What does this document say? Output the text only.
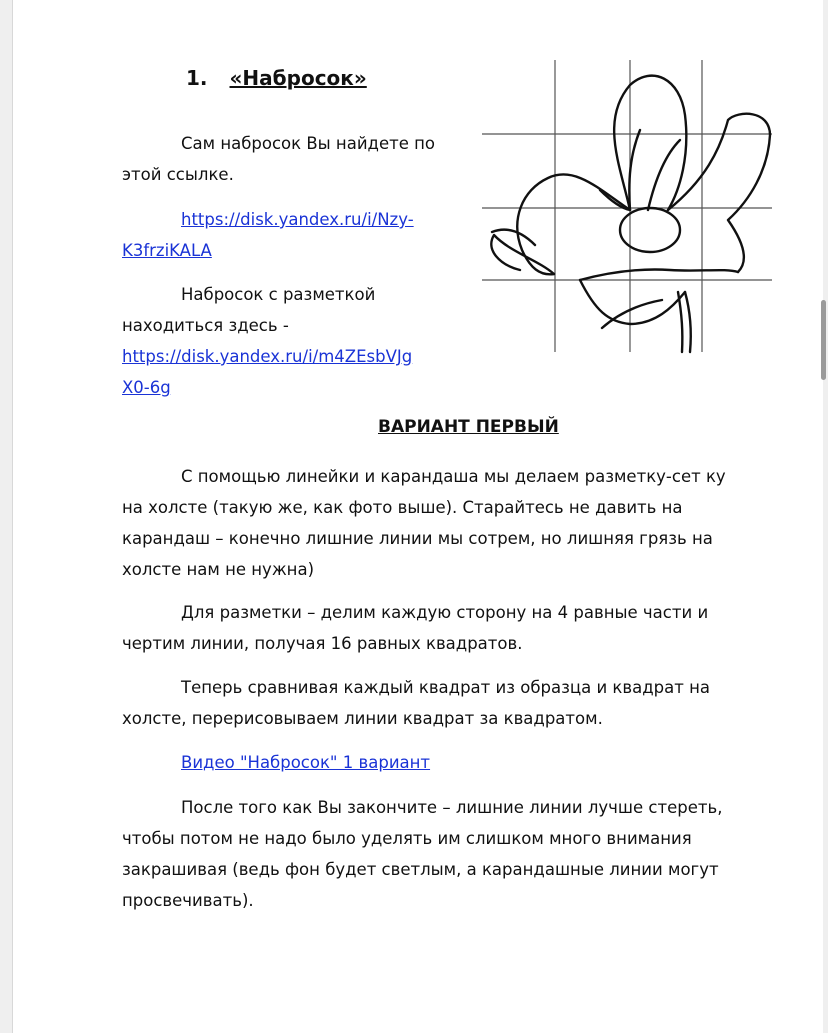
1. «Набросок»
Сам набросок Вы найдете по
этой ссылке.
https://disk.yandex.ru/i/Nzy-
K3frziKALA
Набросок с разметкой
находиться здесь -
https://disk.yandex.ru/i/m4ZEsbVJg
X0-6g
ВАРИАНТ ПЕРВЫЙ
С помощью линейки и карандаша мы делаем разметку-сет ку
на холсте (такую же, как фото выше). Старайтесь не давить на
карандаш – конечно лишние линии мы сотрем, но лишняя грязь на
холсте нам не нужна)
Для разметки – делим каждую сторону на 4 равные части и
чертим линии, получая 16 равных квадратов.
Теперь сравнивая каждый квадрат из образца и квадрат на
холсте, перерисовываем линии квадрат за квадратом.
Видео "Набросок" 1 вариант
После того как Вы закончите – лишние линии лучше стереть,
чтобы потом не надо было уделять им слишком много внимания
закрашивая (ведь фон будет светлым, а карандашные линии могут
просвечивать).
